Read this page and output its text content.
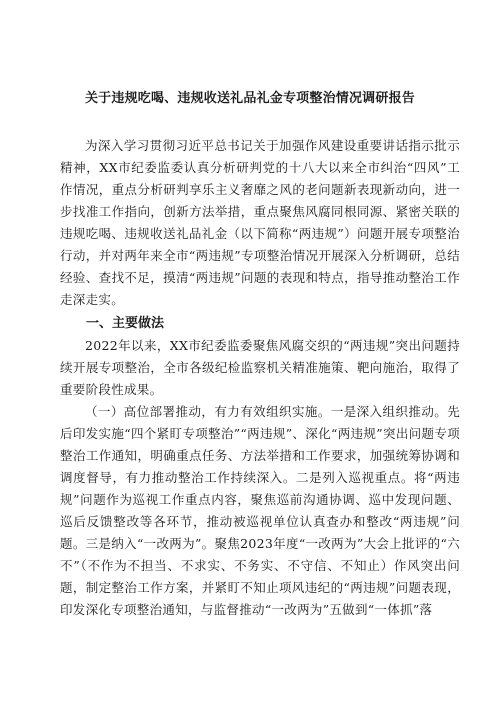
关于违规吃喝、违规收送礼品礼金专项整治情况调研报告

为深入学习贯彻习近平总书记关于加强作风建设重要讲话指示批示精神，XX市纪委监委认真分析研判党的十八大以来全市纠治“四风”工作情况，重点分析研判享乐主义奢靡之风的老问题新表现新动向，进一步找准工作指向，创新方法举措，重点聚焦风腐同根同源、紧密关联的违规吃喝、违规收送礼品礼金（以下简称“两违规”）问题开展专项整治行动，并对两年来全市“两违规”专项整治情况开展深入分析调研，总结经验、查找不足，摸清“两违规”问题的表现和特点，指导推动整治工作走深走实。

一、主要做法

2022年以来，XX市纪委监委聚焦风腐交织的“两违规”突出问题持续开展专项整治，全市各级纪检监察机关精准施策、靶向施治，取得了重要阶段性成果。

（一）高位部署推动，有力有效组织实施。一是深入组织推动。先后印发实施“四个紧盯专项整治”“两违规”、深化“两违规”突出问题专项整治工作通知，明确重点任务、方法举措和工作要求，加强统筹协调和调度督导，有力推动整治工作持续深入。二是列入巡视重点。将“两违规”问题作为巡视工作重点内容，聚焦巡前沟通协调、巡中发现问题、巡后反馈整改等各环节，推动被巡视单位认真查办和整改“两违规”问题。三是纳入“一改两为”。聚焦2023年度“一改两为”大会上批评的“六不”（不作为不担当、不求实、不务实、不守信、不知止）作风突出问题，制定整治工作方案，并紧盯不知止项风违纪的“两违规”问题表现，印发深化专项整治通知，与监督推动“一改两为”五做到“一体抓”落
